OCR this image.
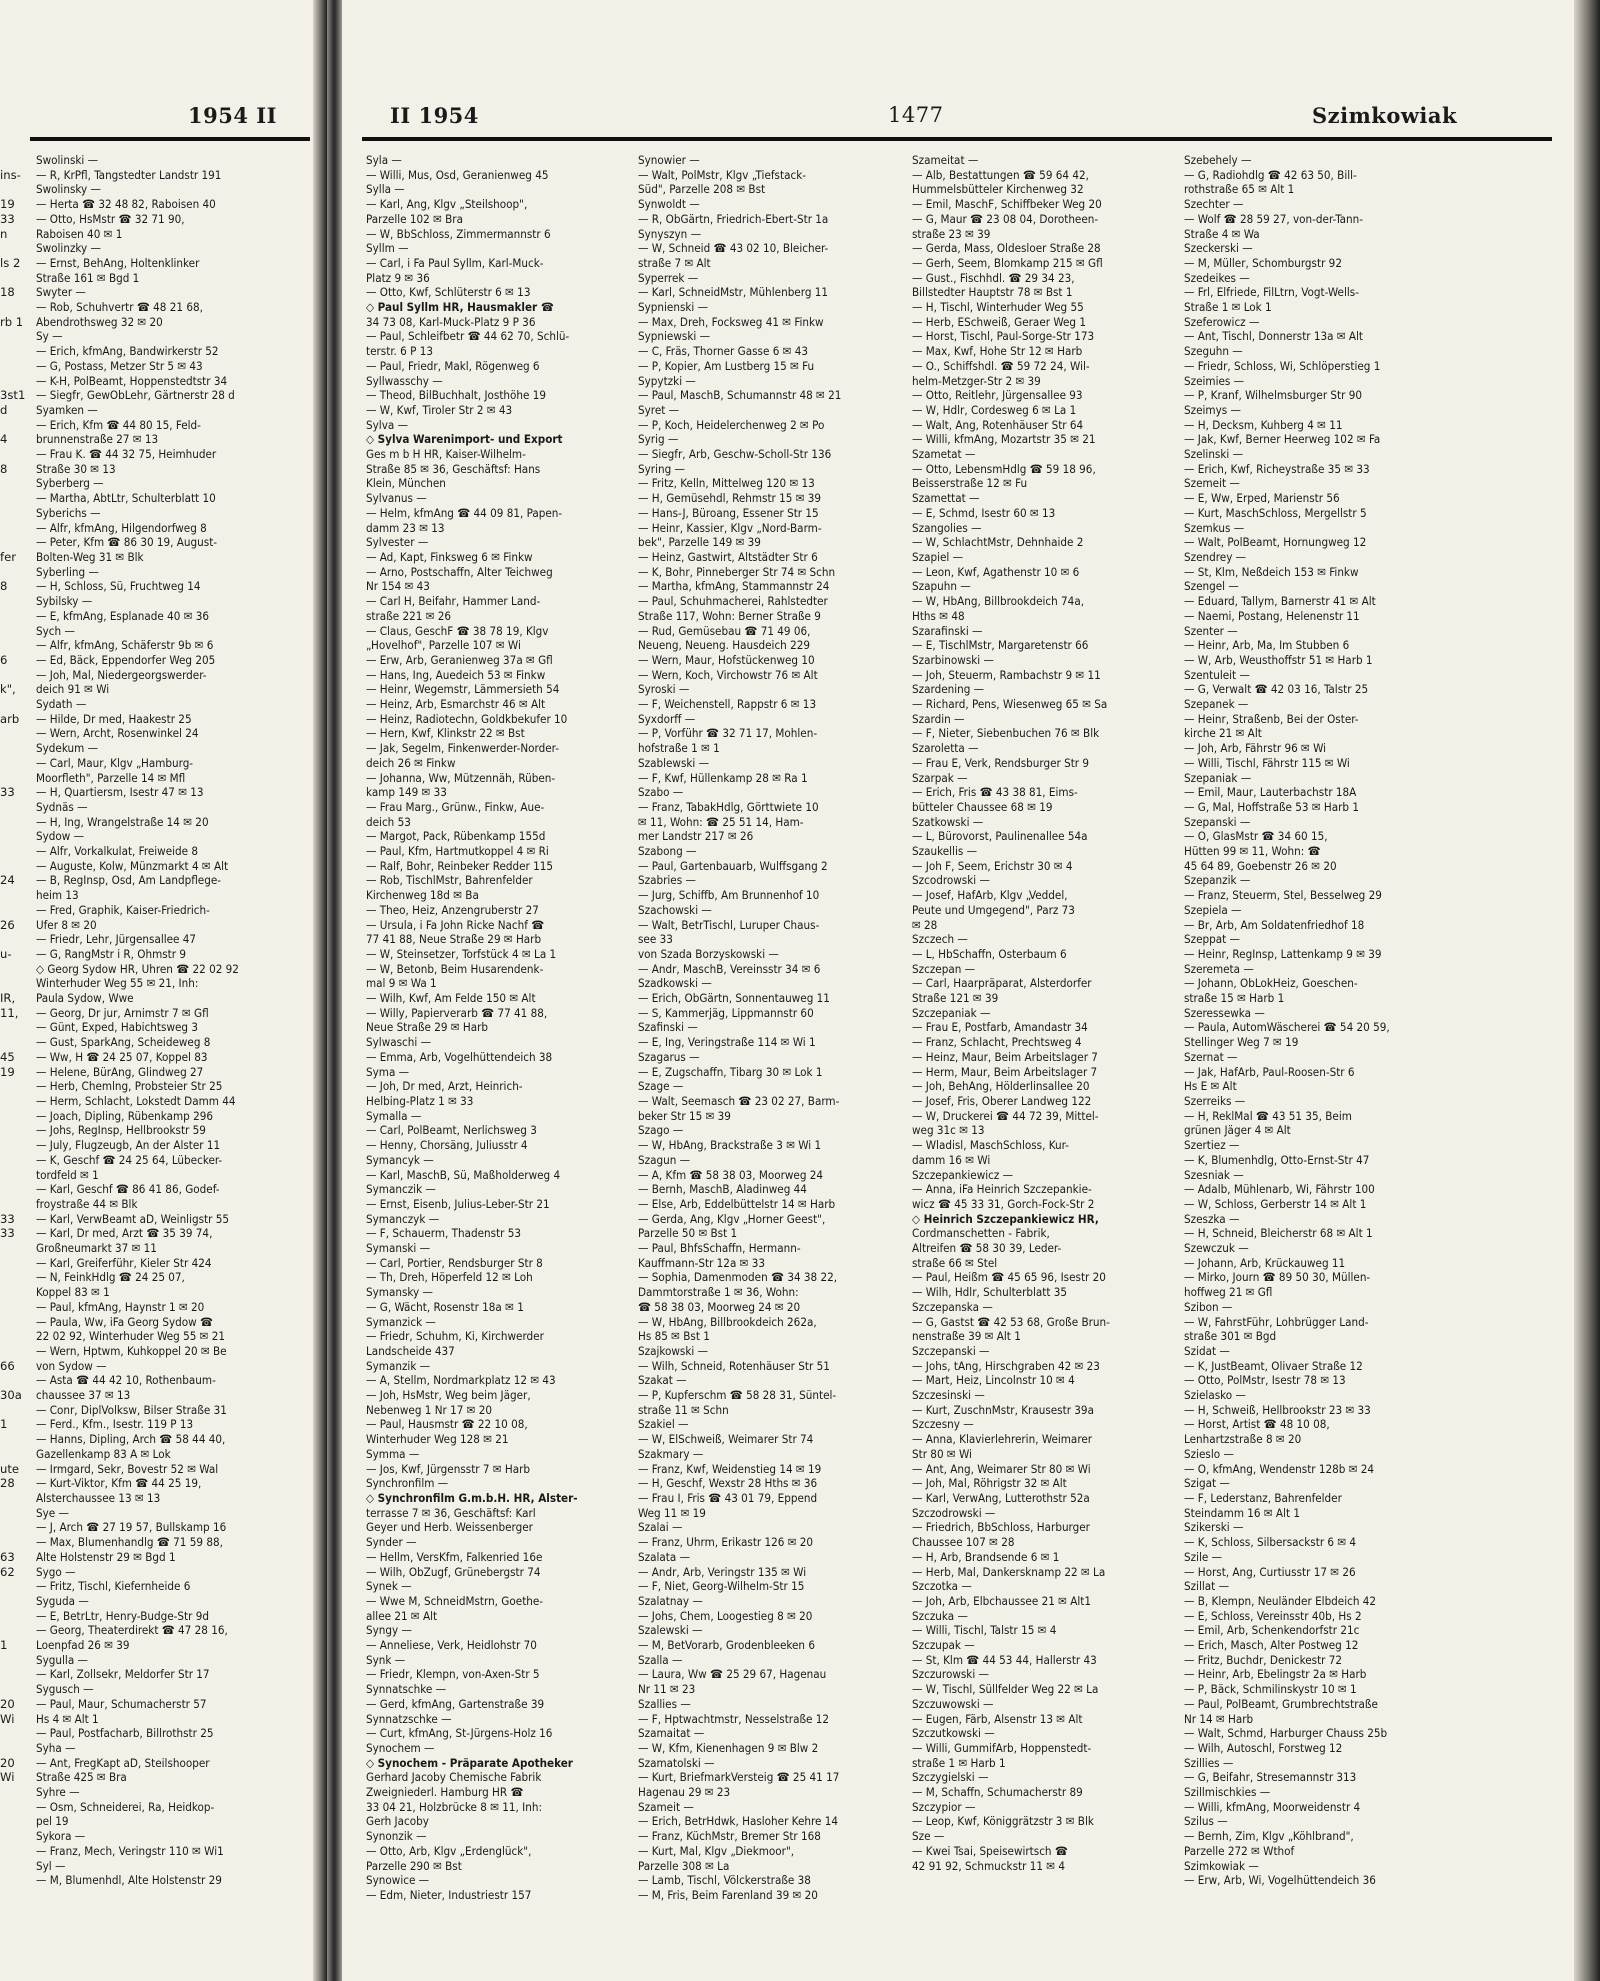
1954 II

ins-

19
33
n

ls 2

18

rb 1

3st1
d

4

8

fer

8

6

k",

arb

33

24

26

u-

IR,
11,

45
19

33
33

66

30a

1

ute
28

63
62

1

20
Wi

20
Wi

Swolinski —
— R, KrPfl, Tangstedter Landstr 191
Swolinsky —
— Herta ☎ 32 48 82, Raboisen 40
— Otto, HsMstr ☎ 32 71 90,
Raboisen 40 ✉ 1
Swolinzky —
— Ernst, BehAng, Holtenklinker
Straße 161 ✉ Bgd 1
Swyter —
— Rob, Schuhvertr ☎ 48 21 68,
Abendrothsweg 32 ✉ 20
Sy —
— Erich, kfmAng, Bandwirkerstr 52
— G, Postass, Metzer Str 5 ✉ 43
— K-H, PolBeamt, Hoppenstedtstr 34
— Siegfr, GewObLehr, Gärtnerstr 28 d
Syamken —
— Erich, Kfm ☎ 44 80 15, Feld-
brunnenstraße 27 ✉ 13
— Frau K. ☎ 44 32 75, Heimhuder
Straße 30 ✉ 13
Syberberg —
— Martha, AbtLtr, Schulterblatt 10
Syberichs —
— Alfr, kfmAng, Hilgendorfweg 8
— Peter, Kfm ☎ 86 30 19, August-
Bolten-Weg 31 ✉ Blk
Syberling —
— H, Schloss, Sü, Fruchtweg 14
Sybilsky —
— E, kfmAng, Esplanade 40 ✉ 36
Sych —
— Alfr, kfmAng, Schäferstr 9b ✉ 6
— Ed, Bäck, Eppendorfer Weg 205
— Joh, Mal, Niedergeorgswerder-
deich 91 ✉ Wi
Sydath —
— Hilde, Dr med, Haakestr 25
— Wern, Archt, Rosenwinkel 24
Sydekum —
— Carl, Maur, Klgv „Hamburg-
Moorfleth", Parzelle 14 ✉ Mfl
— H, Quartiersm, Isestr 47 ✉ 13
Sydnäs —
— H, Ing, Wrangelstraße 14 ✉ 20
Sydow —
— Alfr, Vorkalkulat, Freiweide 8
— Auguste, Kolw, Münzmarkt 4 ✉ Alt
— B, RegInsp, Osd, Am Landpflege-
heim 13
— Fred, Graphik, Kaiser-Friedrich-
Ufer 8 ✉ 20
— Friedr, Lehr, Jürgensallee 47
— G, RangMstr i R, Ohmstr 9
◇ Georg Sydow HR, Uhren ☎ 22 02 92
Winterhuder Weg 55 ✉ 21, Inh:
Paula Sydow, Wwe
— Georg, Dr jur, Arnimstr 7 ✉ Gfl
— Günt, Exped, Habichtsweg 3
— Gust, SparkAng, Scheideweg 8
— Ww, H ☎ 24 25 07, Koppel 83
— Helene, BürAng, Glindweg 27
— Herb, Chemlng, Probsteier Str 25
— Herm, Schlacht, Lokstedt Damm 44
— Joach, Dipling, Rübenkamp 296
— Johs, RegInsp, Hellbrookstr 59
— July, Flugzeugb, An der Alster 11
— K, Geschf ☎ 24 25 64, Lübecker-
tordfeld ✉ 1
— Karl, Geschf ☎ 86 41 86, Godef-
froystraße 44 ✉ Blk
— Karl, VerwBeamt aD, Weinligstr 55
— Karl, Dr med, Arzt ☎ 35 39 74,
Großneumarkt 37 ✉ 11
— Karl, Greiferführ, Kieler Str 424
— N, FeinkHdlg ☎ 24 25 07,
Koppel 83 ✉ 1
— Paul, kfmAng, Haynstr 1 ✉ 20
— Paula, Ww, iFa Georg Sydow ☎
22 02 92, Winterhuder Weg 55 ✉ 21
— Wern, Hptwm, Kuhkoppel 20 ✉ Be
von Sydow —
— Asta ☎ 44 42 10, Rothenbaum-
chaussee 37 ✉ 13
— Conr, DiplVolksw, Bilser Straße 31
— Ferd., Kfm., Isestr. 119 P 13
— Hanns, Dipling, Arch ☎ 58 44 40,
Gazellenkamp 83 A ✉ Lok
— Irmgard, Sekr, Bovestr 52 ✉ Wal
— Kurt-Viktor, Kfm ☎ 44 25 19,
Alsterchaussee 13 ✉ 13
Sye —
— J, Arch ☎ 27 19 57, Bullskamp 16
— Max, Blumenhandlg ☎ 71 59 88,
Alte Holstenstr 29 ✉ Bgd 1
Sygo —
— Fritz, Tischl, Kiefernheide 6
Syguda —
— E, BetrLtr, Henry-Budge-Str 9d
— Georg, Theaterdirekt ☎ 47 28 16,
Loenpfad 26 ✉ 39
Sygulla —
— Karl, Zollsekr, Meldorfer Str 17
Sygusch —
— Paul, Maur, Schumacherstr 57
Hs 4 ✉ Alt 1
— Paul, Postfacharb, Billrothstr 25
Syha —
— Ant, FregKapt aD, Steilshooper
Straße 425 ✉ Bra
Syhre —
— Osm, Schneiderei, Ra, Heidkop-
pel 19
Sykora —
— Franz, Mech, Veringstr 110 ✉ Wi1
Syl —
— M, Blumenhdl, Alte Holstenstr 29
II 1954	1477	Szimkowiak
Syla —
— Willi, Mus, Osd, Geranienweg 45
Sylla —
— Karl, Ang, Klgv „Steilshoop",
Parzelle 102 ✉ Bra
— W, BbSchloss, Zimmermannstr 6
Syllm —
— Carl, i Fa Paul Syllm, Karl-Muck-
Platz 9 ✉ 36
— Otto, Kwf, Schlüterstr 6 ✉ 13
◇ Paul Syllm HR, Hausmakler ☎
34 73 08, Karl-Muck-Platz 9 P 36
— Paul, Schleifbetr ☎ 44 62 70, Schlü-
terstr. 6 P 13
— Paul, Friedr, Makl, Rögenweg 6
Syllwasschy —
— Theod, BilBuchhalt, Josthöhe 19
— W, Kwf, Tiroler Str 2 ✉ 43
Sylva —
◇ Sylva Warenimport- und Export
Ges m b H HR, Kaiser-Wilhelm-
Straße 85 ✉ 36, Geschäftsf: Hans
Klein, München
Sylvanus —
— Helm, kfmAng ☎ 44 09 81, Papen-
damm 23 ✉ 13
Sylvester —
— Ad, Kapt, Finksweg 6 ✉ Finkw
— Arno, Postschaffn, Alter Teichweg
Nr 154 ✉ 43
— Carl H, Beifahr, Hammer Land-
straße 221 ✉ 26
— Claus, GeschF ☎ 38 78 19, Klgv
„Hovelhof", Parzelle 107 ✉ Wi
— Erw, Arb, Geranienweg 37a ✉ Gfl
— Hans, Ing, Auedeich 53 ✉ Finkw
— Heinr, Wegemstr, Lämmersieth 54
— Heinz, Arb, Esmarchstr 46 ✉ Alt
— Heinz, Radiotechn, Goldkbekufer 10
— Hern, Kwf, Klinkstr 22 ✉ Bst
— Jak, Segelm, Finkenwerder-Norder-
deich 26 ✉ Finkw
— Johanna, Ww, Mützennäh, Rüben-
kamp 149 ✉ 33
— Frau Marg., Grünw., Finkw, Aue-
deich 53
— Margot, Pack, Rübenkamp 155d
— Paul, Kfm, Hartmutkoppel 4 ✉ Ri
— Ralf, Bohr, Reinbeker Redder 115
— Rob, TischlMstr, Bahrenfelder
Kirchenweg 18d ✉ Ba
— Theo, Heiz, Anzengruberstr 27
— Ursula, i Fa John Ricke Nachf ☎
77 41 88, Neue Straße 29 ✉ Harb
— W, Steinsetzer, Torfstück 4 ✉ La 1
— W, Betonb, Beim Husarendenk-
mal 9 ✉ Wa 1
— Wilh, Kwf, Am Felde 150 ✉ Alt
— Willy, Papierverarb ☎ 77 41 88,
Neue Straße 29 ✉ Harb
Sylwaschi —
— Emma, Arb, Vogelhüttendeich 38
Syma —
— Joh, Dr med, Arzt, Heinrich-
Helbing-Platz 1 ✉ 33
Symalla —
— Carl, PolBeamt, Nerlichsweg 3
— Henny, Chorsäng, Juliusstr 4
Symancyk —
— Karl, MaschB, Sü, Maßholderweg 4
Symanczik —
— Ernst, Eisenb, Julius-Leber-Str 21
Symanczyk —
— F, Schauerm, Thadenstr 53
Symanski —
— Carl, Portier, Rendsburger Str 8
— Th, Dreh, Höperfeld 12 ✉ Loh
Symansky —
— G, Wächt, Rosenstr 18a ✉ 1
Symanzick —
— Friedr, Schuhm, Ki, Kirchwerder
Landscheide 437
Symanzik —
— A, Stellm, Nordmarkplatz 12 ✉ 43
— Joh, HsMstr, Weg beim Jäger,
Nebenweg 1 Nr 17 ✉ 20
— Paul, Hausmstr ☎ 22 10 08,
Winterhuder Weg 128 ✉ 21
Symma —
— Jos, Kwf, Jürgensstr 7 ✉ Harb
Synchronfilm —
◇ Synchronfilm G.m.b.H. HR, Alster-
terrasse 7 ✉ 36, Geschäftsf: Karl
Geyer und Herb. Weissenberger
Synder —
— Hellm, VersKfm, Falkenried 16e
— Wilh, ObZugf, Grünebergstr 74
Synek —
— Wwe M, SchneidMstrn, Goethe-
allee 21 ✉ Alt
Syngy —
— Anneliese, Verk, Heidlohstr 70
Synk —
— Friedr, Klempn, von-Axen-Str 5
Synnatschke —
— Gerd, kfmAng, Gartenstraße 39
Synnatzschke —
— Curt, kfmAng, St-Jürgens-Holz 16
Synochem —
◇ Synochem - Präparate Apotheker
Gerhard Jacoby Chemische Fabrik
Zweigniederl. Hamburg HR ☎
33 04 21, Holzbrücke 8 ✉ 11, Inh:
Gerh Jacoby
Synonzik —
— Otto, Arb, Klgv „Erdenglück",
Parzelle 290 ✉ Bst
Synowice —
— Edm, Nieter, Industriestr 157
Synowier —
— Walt, PolMstr, Klgv „Tiefstack-
Süd", Parzelle 208 ✉ Bst
Synwoldt —
— R, ObGärtn, Friedrich-Ebert-Str 1a
Synyszyn —
— W, Schneid ☎ 43 02 10, Bleicher-
straße 7 ✉ Alt
Syperrek —
— Karl, SchneidMstr, Mühlenberg 11
Sypnienski —
— Max, Dreh, Focksweg 41 ✉ Finkw
Sypniewski —
— C, Fräs, Thorner Gasse 6 ✉ 43
— P, Kopier, Am Lustberg 15 ✉ Fu
Sypytzki —
— Paul, MaschB, Schumannstr 48 ✉ 21
Syret —
— P, Koch, Heidelerchenweg 2 ✉ Po
Syrig —
— Siegfr, Arb, Geschw-Scholl-Str 136
Syring —
— Fritz, Kelln, Mittelweg 120 ✉ 13
— H, Gemüsehdl, Rehmstr 15 ✉ 39
— Hans-J, Büroang, Essener Str 15
— Heinr, Kassier, Klgv „Nord-Barm-
bek", Parzelle 149 ✉ 39
— Heinz, Gastwirt, Altstädter Str 6
— K, Bohr, Pinneberger Str 74 ✉ Schn
— Martha, kfmAng, Stammannstr 24
— Paul, Schuhmacherei, Rahlstedter
Straße 117, Wohn: Berner Straße 9
— Rud, Gemüsebau ☎ 71 49 06,
Neueng, Neueng. Hausdeich 229
— Wern, Maur, Hofstückenweg 10
— Wern, Koch, Virchowstr 76 ✉ Alt
Syroski —
— F, Weichenstell, Rappstr 6 ✉ 13
Syxdorff —
— P, Vorführ ☎ 32 71 17, Mohlen-
hofstraße 1 ✉ 1
Szablewski —
— F, Kwf, Hüllenkamp 28 ✉ Ra 1
Szabo —
— Franz, TabakHdlg, Görttwiete 10
✉ 11, Wohn: ☎ 25 51 14, Ham-
mer Landstr 217 ✉ 26
Szabong —
— Paul, Gartenbauarb, Wulffsgang 2
Szabries —
— Jurg, Schiffb, Am Brunnenhof 10
Szachowski —
— Walt, BetrTischl, Luruper Chaus-
see 33
von Szada Borzyskowski —
— Andr, MaschB, Vereinsstr 34 ✉ 6
Szadkowski —
— Erich, ObGärtn, Sonnentauweg 11
— S, Kammerjäg, Lippmannstr 60
Szafinski —
— E, Ing, Veringstraße 114 ✉ Wi 1
Szagarus —
— E, Zugschaffn, Tibarg 30 ✉ Lok 1
Szage —
— Walt, Seemasch ☎ 23 02 27, Barm-
beker Str 15 ✉ 39
Szago —
— W, HbAng, Brackstraße 3 ✉ Wi 1
Szagun —
— A, Kfm ☎ 58 38 03, Moorweg 24
— Bernh, MaschB, Aladinweg 44
— Else, Arb, Eddelbüttelstr 14 ✉ Harb
— Gerda, Ang, Klgv „Horner Geest",
Parzelle 50 ✉ Bst 1
— Paul, BhfsSchaffn, Hermann-
Kauffmann-Str 12a ✉ 33
— Sophia, Damenmoden ☎ 34 38 22,
Dammtorstraße 1 ✉ 36, Wohn:
☎ 58 38 03, Moorweg 24 ✉ 20
— W, HbAng, Billbrookdeich 262a,
Hs 85 ✉ Bst 1
Szajkowski —
— Wilh, Schneid, Rotenhäuser Str 51
Szakat —
— P, Kupferschm ☎ 58 28 31, Süntel-
straße 11 ✉ Schn
Szakiel —
— W, ElSchweiß, Weimarer Str 74
Szakmary —
— Franz, Kwf, Weidenstieg 14 ✉ 19
— H, Geschf, Wexstr 28 Hths ✉ 36
— Frau I, Fris ☎ 43 01 79, Eppend
Weg 11 ✉ 19
Szalai —
— Franz, Uhrm, Erikastr 126 ✉ 20
Szalata —
— Andr, Arb, Veringstr 135 ✉ Wi
— F, Niet, Georg-Wilhelm-Str 15
Szalatnay —
— Johs, Chem, Loogestieg 8 ✉ 20
Szalewski —
— M, BetVorarb, Grodenbleeken 6
Szalla —
— Laura, Ww ☎ 25 29 67, Hagenau
Nr 11 ✉ 23
Szallies —
— F, Hptwachtmstr, Nesselstraße 12
Szamaitat —
— W, Kfm, Kienenhagen 9 ✉ Blw 2
Szamatolski —
— Kurt, BriefmarkVersteig ☎ 25 41 17
Hagenau 29 ✉ 23
Szameit —
— Erich, BetrHdwk, Hasloher Kehre 14
— Franz, KüchMstr, Bremer Str 168
— Kurt, Mal, Klgv „Diekmoor",
Parzelle 308 ✉ La
— Lamb, Tischl, Völckerstraße 38
— M, Fris, Beim Farenland 39 ✉ 20
Szameitat —
— Alb, Bestattungen ☎ 59 64 42,
Hummelsbütteler Kirchenweg 32
— Emil, MaschF, Schiffbeker Weg 20
— G, Maur ☎ 23 08 04, Dorotheen-
straße 23 ✉ 39
— Gerda, Mass, Oldesloer Straße 28
— Gerh, Seem, Blomkamp 215 ✉ Gfl
— Gust., Fischhdl. ☎ 29 34 23,
Billstedter Hauptstr 78 ✉ Bst 1
— H, Tischl, Winterhuder Weg 55
— Herb, ESchweiß, Geraer Weg 1
— Horst, Tischl, Paul-Sorge-Str 173
— Max, Kwf, Hohe Str 12 ✉ Harb
— O., Schiffshdl. ☎ 59 72 24, Wil-
helm-Metzger-Str 2 ✉ 39
— Otto, Reitlehr, Jürgensallee 93
— W, Hdlr, Cordesweg 6 ✉ La 1
— Walt, Ang, Rotenhäuser Str 64
— Willi, kfmAng, Mozartstr 35 ✉ 21
Szametat —
— Otto, LebensmHdlg ☎ 59 18 96,
Beisserstraße 12 ✉ Fu
Szamettat —
— E, Schmd, Isestr 60 ✉ 13
Szangolies —
— W, SchlachtMstr, Dehnhaide 2
Szapiel —
— Leon, Kwf, Agathenstr 10 ✉ 6
Szapuhn —
— W, HbAng, Billbrookdeich 74a,
Hths ✉ 48
Szarafinski —
— E, TischlMstr, Margaretenstr 66
Szarbinowski —
— Joh, Steuerm, Rambachstr 9 ✉ 11
Szardening —
— Richard, Pens, Wiesenweg 65 ✉ Sa
Szardin —
— F, Nieter, Siebenbuchen 76 ✉ Blk
Szaroletta —
— Frau E, Verk, Rendsburger Str 9
Szarpak —
— Erich, Fris ☎ 43 38 81, Eims-
bütteler Chaussee 68 ✉ 19
Szatkowski —
— L, Bürovorst, Paulinenallee 54a
Szaukellis —
— Joh F, Seem, Erichstr 30 ✉ 4
Szcodrowski —
— Josef, HafArb, Klgv „Veddel,
Peute und Umgegend", Parz 73
✉ 28
Szczech —
— L, HbSchaffn, Osterbaum 6
Szczepan —
— Carl, Haarpräparat, Alsterdorfer
Straße 121 ✉ 39
Szczepaniak —
— Frau E, Postfarb, Amandastr 34
— Franz, Schlacht, Prechtsweg 4
— Heinz, Maur, Beim Arbeitslager 7
— Herm, Maur, Beim Arbeitslager 7
— Joh, BehAng, Hölderlinsallee 20
— Josef, Fris, Oberer Landweg 122
— W, Druckerei ☎ 44 72 39, Mittel-
weg 31c ✉ 13
— Wladisl, MaschSchloss, Kur-
damm 16 ✉ Wi
Szczepankiewicz —
— Anna, iFa Heinrich Szczepankie-
wicz ☎ 45 33 31, Gorch-Fock-Str 2
◇ Heinrich Szczepankiewicz HR,
Cordmanschetten - Fabrik,
Altreifen ☎ 58 30 39, Leder-
straße 66 ✉ Stel
— Paul, Heißm ☎ 45 65 96, Isestr 20
— Wilh, Hdlr, Schulterblatt 35
Szczepanska —
— G, Gastst ☎ 42 53 68, Große Brun-
nenstraße 39 ✉ Alt 1
Szczepanski —
— Johs, tAng, Hirschgraben 42 ✉ 23
— Mart, Heiz, Lincolnstr 10 ✉ 4
Szczesinski —
— Kurt, ZuschnMstr, Krausestr 39a
Szczesny —
— Anna, Klavierlehrerin, Weimarer
Str 80 ✉ Wi
— Ant, Ang, Weimarer Str 80 ✉ Wi
— Joh, Mal, Röhrigstr 32 ✉ Alt
— Karl, VerwAng, Lutterothstr 52a
Szczodrowski —
— Friedrich, BbSchloss, Harburger
Chaussee 107 ✉ 28
— H, Arb, Brandsende 6 ✉ 1
— Herb, Mal, Dankersknamp 22 ✉ La
Szczotka —
— Joh, Arb, Elbchaussee 21 ✉ Alt1
Szczuka —
— Willi, Tischl, Talstr 15 ✉ 4
Szczupak —
— St, Klm ☎ 44 53 44, Hallerstr 43
Szczurowski —
— W, Tischl, Süllfelder Weg 22 ✉ La
Szczuwowski —
— Eugen, Färb, Alsenstr 13 ✉ Alt
Szczutkowski —
— Willi, GummifArb, Hoppenstedt-
straße 1 ✉ Harb 1
Szczygielski —
— M, Schaffn, Schumacherstr 89
Szczypior —
— Leop, Kwf, Königgrätzstr 3 ✉ Blk
Sze —
— Kwei Tsai, Speisewirtsch ☎
42 91 92, Schmuckstr 11 ✉ 4
Szebehely —
— G, Radiohdlg ☎ 42 63 50, Bill-
rothstraße 65 ✉ Alt 1
Szechter —
— Wolf ☎ 28 59 27, von-der-Tann-
Straße 4 ✉ Wa
Szeckerski —
— M, Müller, Schomburgstr 92
Szedeikes —
— Frl, Elfriede, FilLtrn, Vogt-Wells-
Straße 1 ✉ Lok 1
Szeferowicz —
— Ant, Tischl, Donnerstr 13a ✉ Alt
Szeguhn —
— Friedr, Schloss, Wi, Schlöperstieg 1
Szeimies —
— P, Kranf, Wilhelmsburger Str 90
Szeimys —
— H, Decksm, Kuhberg 4 ✉ 11
— Jak, Kwf, Berner Heerweg 102 ✉ Fa
Szelinski —
— Erich, Kwf, Richeystraße 35 ✉ 33
Szemeit —
— E, Ww, Erped, Marienstr 56
— Kurt, MaschSchloss, Mergellstr 5
Szemkus —
— Walt, PolBeamt, Hornungweg 12
Szendrey —
— St, Klm, Neßdeich 153 ✉ Finkw
Szengel —
— Eduard, Tallym, Barnerstr 41 ✉ Alt
— Naemi, Postang, Helenenstr 11
Szenter —
— Heinr, Arb, Ma, Im Stubben 6
— W, Arb, Weusthoffstr 51 ✉ Harb 1
Szentuleit —
— G, Verwalt ☎ 42 03 16, Talstr 25
Szepanek —
— Heinr, Straßenb, Bei der Oster-
kirche 21 ✉ Alt
— Joh, Arb, Fährstr 96 ✉ Wi
— Willi, Tischl, Fährstr 115 ✉ Wi
Szepaniak —
— Emil, Maur, Lauterbachstr 18A
— G, Mal, Hoffstraße 53 ✉ Harb 1
Szepanski —
— O, GlasMstr ☎ 34 60 15,
Hütten 99 ✉ 11, Wohn: ☎
45 64 89, Goebenstr 26 ✉ 20
Szepanzik —
— Franz, Steuerm, Stel, Besselweg 29
Szepiela —
— Br, Arb, Am Soldatenfriedhof 18
Szeppat —
— Heinr, RegInsp, Lattenkamp 9 ✉ 39
Szeremeta —
— Johann, ObLokHeiz, Goeschen-
straße 15 ✉ Harb 1
Szeressewka —
— Paula, AutomWäscherei ☎ 54 20 59,
Stellinger Weg 7 ✉ 19
Szernat —
— Jak, HafArb, Paul-Roosen-Str 6
Hs E ✉ Alt
Szerreiks —
— H, ReklMal ☎ 43 51 35, Beim
grünen Jäger 4 ✉ Alt
Szertiez —
— K, Blumenhdlg, Otto-Ernst-Str 47
Szesniak —
— Adalb, Mühlenarb, Wi, Fährstr 100
— W, Schloss, Gerberstr 14 ✉ Alt 1
Szeszka —
— H, Schneid, Bleicherstr 68 ✉ Alt 1
Szewczuk —
— Johann, Arb, Krückauweg 11
— Mirko, Journ ☎ 89 50 30, Müllen-
hoffweg 21 ✉ Gfl
Szibon —
— W, FahrstFühr, Lohbrügger Land-
straße 301 ✉ Bgd
Szidat —
— K, JustBeamt, Olivaer Straße 12
— Otto, PolMstr, Isestr 78 ✉ 13
Szielasko —
— H, Schweiß, Hellbrookstr 23 ✉ 33
— Horst, Artist ☎ 48 10 08,
Lenhartzstraße 8 ✉ 20
Szieslo —
— O, kfmAng, Wendenstr 128b ✉ 24
Szigat —
— F, Lederstanz, Bahrenfelder
Steindamm 16 ✉ Alt 1
Szikerski —
— K, Schloss, Silbersackstr 6 ✉ 4
Szile —
— Horst, Ang, Curtiusstr 17 ✉ 26
Szillat —
— B, Klempn, Neuländer Elbdeich 42
— E, Schloss, Vereinsstr 40b, Hs 2
— Emil, Arb, Schenkendorfstr 21c
— Erich, Masch, Alter Postweg 12
— Fritz, Buchdr, Denickestr 72
— Heinr, Arb, Ebelingstr 2a ✉ Harb
— P, Bäck, Schmilinskystr 10 ✉ 1
— Paul, PolBeamt, Grumbrechtstraße
Nr 14 ✉ Harb
— Walt, Schmd, Harburger Chauss 25b
— Wilh, Autoschl, Forstweg 12
Szillies —
— G, Beifahr, Stresemannstr 313
Szillmischkies —
— Willi, kfmAng, Moorweidenstr 4
Szilus —
— Bernh, Zim, Klgv „Köhlbrand",
Parzelle 272 ✉ Wthof
Szimkowiak —
— Erw, Arb, Wi, Vogelhüttendeich 36
